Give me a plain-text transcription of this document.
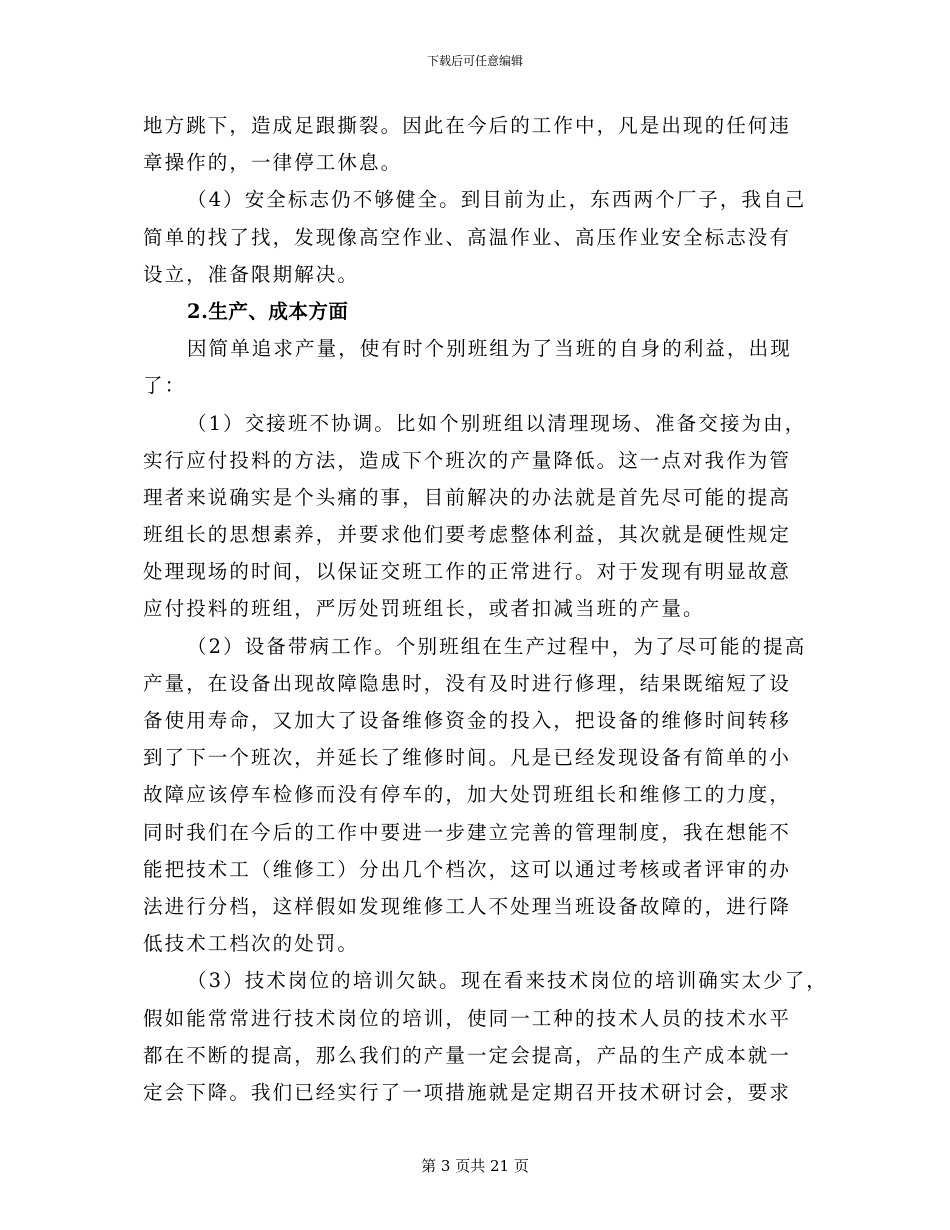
下载后可任意编辑
地方跳下，造成足跟撕裂。因此在今后的工作中，凡是出现的任何违
章操作的，一律停工休息。
（4）安全标志仍不够健全。到目前为止，东西两个厂子，我自己
简单的找了找，发现像高空作业、高温作业、高压作业安全标志没有
设立，准备限期解决。
2.生产、成本方面
因简单追求产量，使有时个别班组为了当班的自身的利益，出现
了：
（1）交接班不协调。比如个别班组以清理现场、准备交接为由，
实行应付投料的方法，造成下个班次的产量降低。这一点对我作为管
理者来说确实是个头痛的事，目前解决的办法就是首先尽可能的提高
班组长的思想素养，并要求他们要考虑整体利益，其次就是硬性规定
处理现场的时间，以保证交班工作的正常进行。对于发现有明显故意
应付投料的班组，严厉处罚班组长，或者扣减当班的产量。
（2）设备带病工作。个别班组在生产过程中，为了尽可能的提高
产量，在设备出现故障隐患时，没有及时进行修理，结果既缩短了设
备使用寿命，又加大了设备维修资金的投入，把设备的维修时间转移
到了下一个班次，并延长了维修时间。凡是已经发现设备有简单的小
故障应该停车检修而没有停车的，加大处罚班组长和维修工的力度，
同时我们在今后的工作中要进一步建立完善的管理制度，我在想能不
能把技术工（维修工）分出几个档次，这可以通过考核或者评审的办
法进行分档，这样假如发现维修工人不处理当班设备故障的，进行降
低技术工档次的处罚。
（3）技术岗位的培训欠缺。现在看来技术岗位的培训确实太少了，
假如能常常进行技术岗位的培训，使同一工种的技术人员的技术水平
都在不断的提高，那么我们的产量一定会提高，产品的生产成本就一
定会下降。我们已经实行了一项措施就是定期召开技术研讨会，要求
第 3 页共 21 页
